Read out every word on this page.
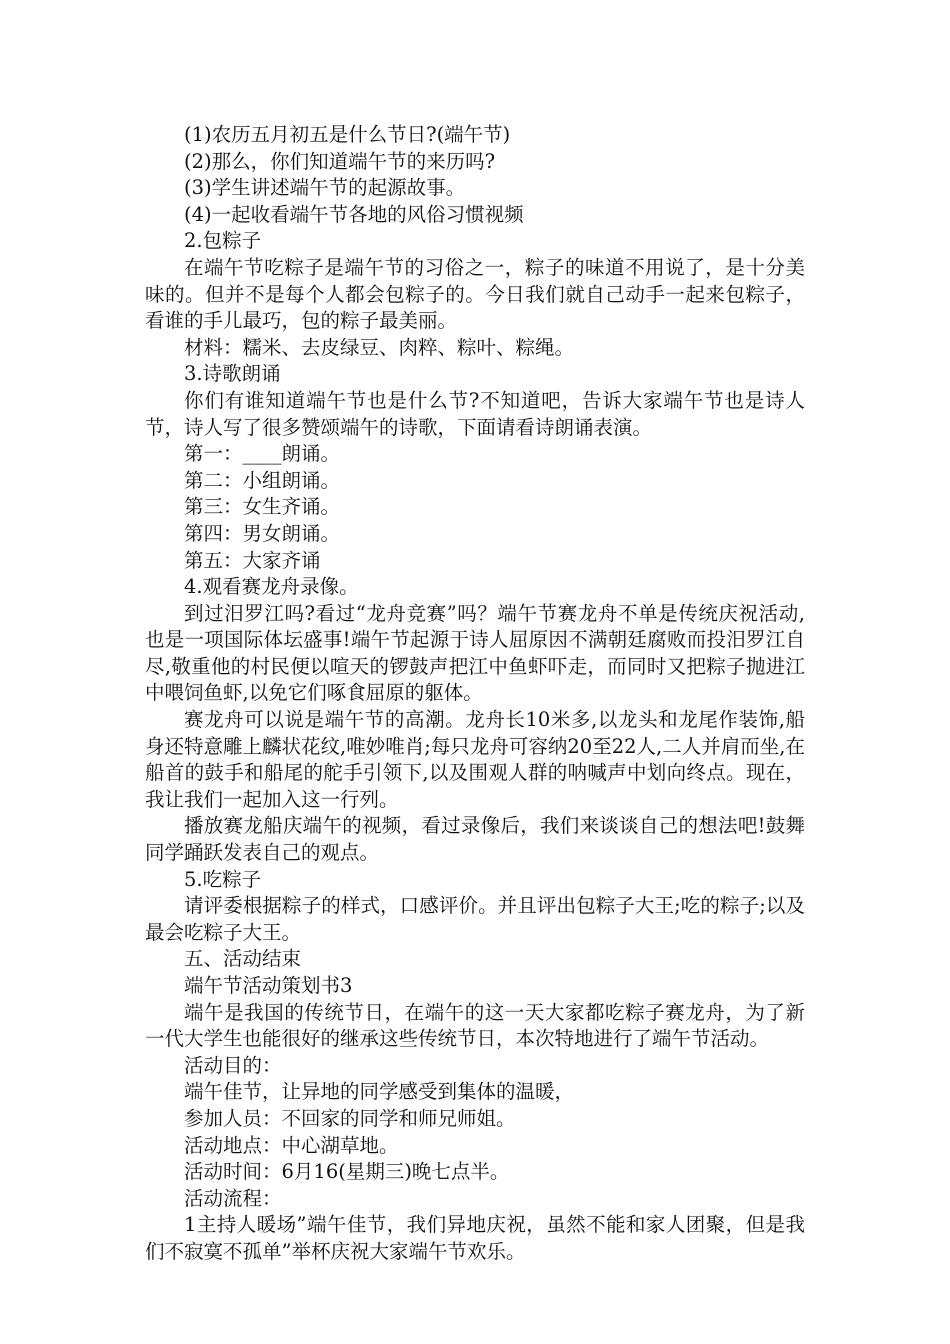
(1)农历五月初五是什么节日?(端午节)

(2)那么，你们知道端午节的来历吗?

(3)学生讲述端午节的起源故事。

(4)一起收看端午节各地的风俗习惯视频

2.包粽子

在端午节吃粽子是端午节的习俗之一，粽子的味道不用说了，是十分美味的。但并不是每个人都会包粽子的。今日我们就自己动手一起来包粽子，看谁的手儿最巧，包的粽子最美丽。

材料：糯米、去皮绿豆、肉粹、粽叶、粽绳。

3.诗歌朗诵

你们有谁知道端午节也是什么节?不知道吧，告诉大家端午节也是诗人节，诗人写了很多赞颂端午的诗歌，下面请看诗朗诵表演。

第一：____朗诵。

第二：小组朗诵。

第三：女生齐诵。

第四：男女朗诵。

第五：大家齐诵

4.观看赛龙舟录像。

到过汨罗江吗?看过“龙舟竞赛”吗？端午节赛龙舟不单是传统庆祝活动,也是一项国际体坛盛事!端午节起源于诗人屈原因不满朝廷腐败而投汨罗江自尽,敬重他的村民便以喧天的锣鼓声把江中鱼虾吓走，而同时又把粽子抛进江中喂饲鱼虾,以免它们啄食屈原的躯体。

赛龙舟可以说是端午节的高潮。龙舟长10米多,以龙头和龙尾作装饰,船身还特意雕上麟状花纹,唯妙唯肖;每只龙舟可容纳20至22人,二人并肩而坐,在船首的鼓手和船尾的舵手引领下,以及围观人群的呐喊声中划向终点。现在，我让我们一起加入这一行列。

播放赛龙船庆端午的视频，看过录像后，我们来谈谈自己的想法吧!鼓舞同学踊跃发表自己的观点。

5.吃粽子

请评委根据粽子的样式，口感评价。并且评出包粽子大王;吃的粽子;以及最会吃粽子大王。

五、活动结束

端午节活动策划书3

端午是我国的传统节日，在端午的这一天大家都吃粽子赛龙舟，为了新一代大学生也能很好的继承这些传统节日，本次特地进行了端午节活动。

活动目的：

端午佳节，让异地的同学感受到集体的温暖，

参加人员：不回家的同学和师兄师姐。

活动地点：中心湖草地。

活动时间：6月16(星期三)晚七点半。

活动流程：

1主持人暖场”端午佳节，我们异地庆祝，虽然不能和家人团聚，但是我们不寂寞不孤单”举杯庆祝大家端午节欢乐。
